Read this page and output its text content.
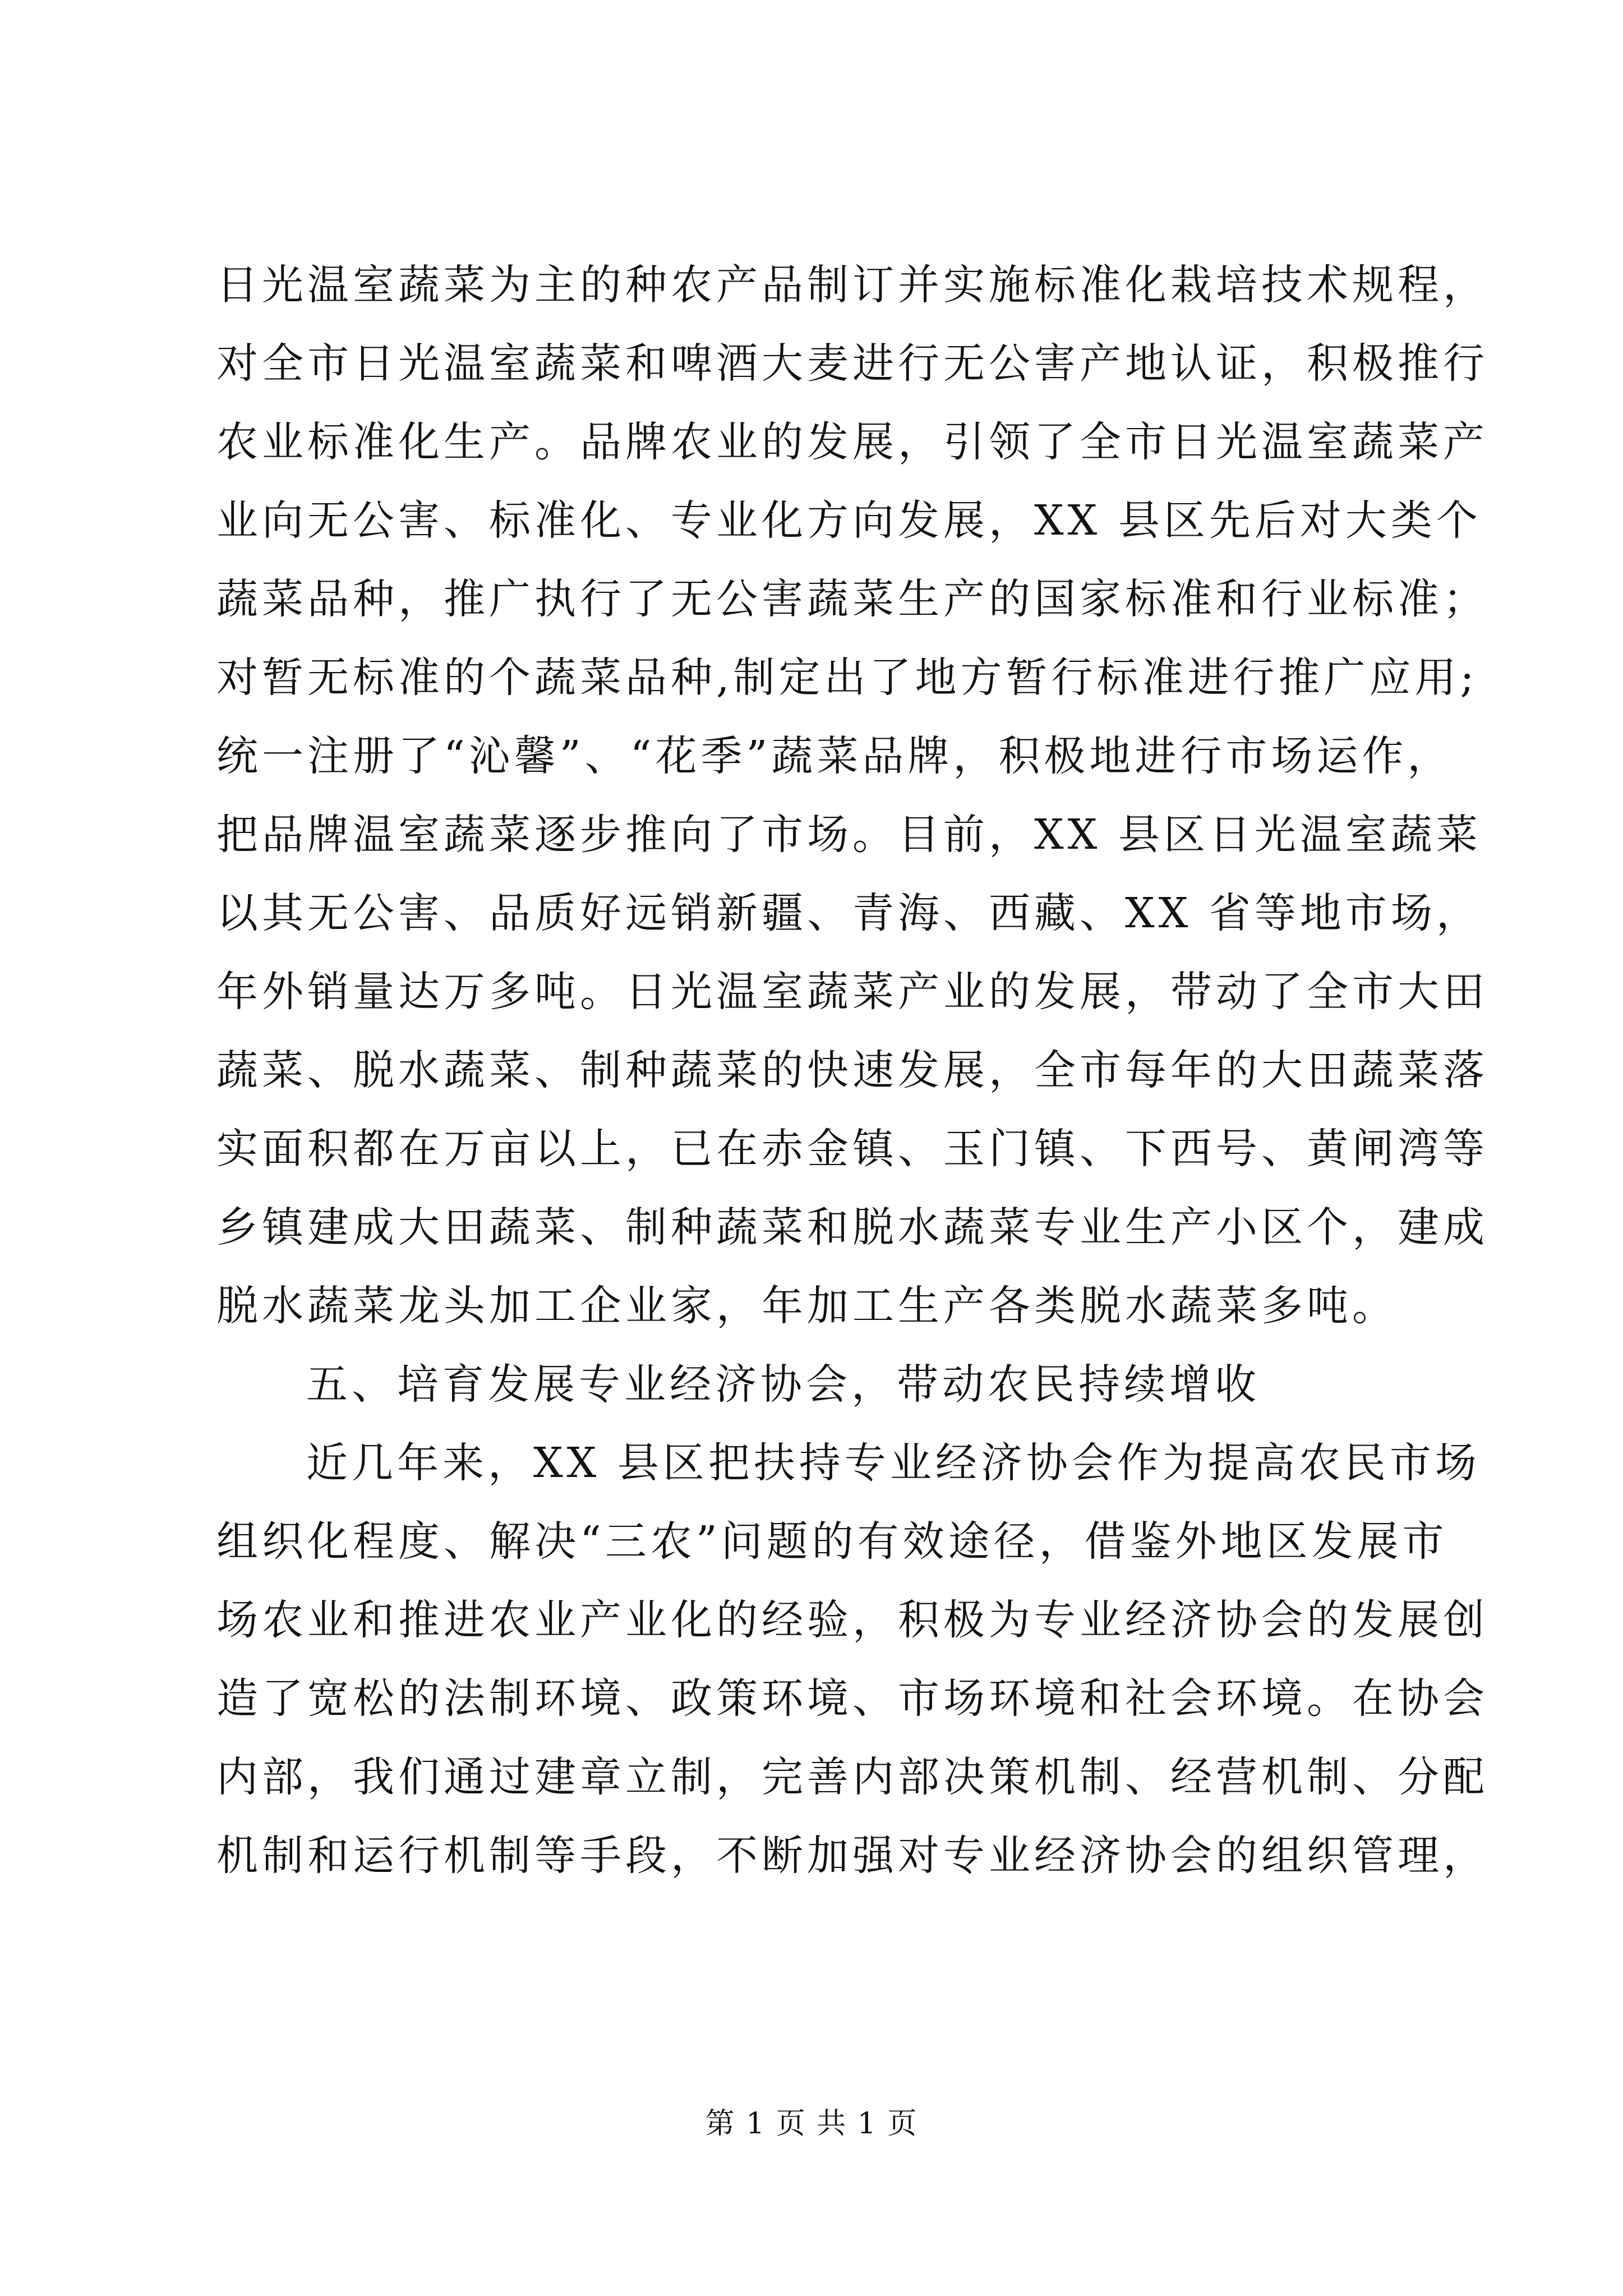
日光温室蔬菜为主的种农产品制订并实施标准化栽培技术规程，
对全市日光温室蔬菜和啤酒大麦进行无公害产地认证，积极推行
农业标准化生产。品牌农业的发展，引领了全市日光温室蔬菜产
业向无公害、标准化、专业化方向发展，XX 县区先后对大类个
蔬菜品种，推广执行了无公害蔬菜生产的国家标准和行业标准；
对暂无标准的个蔬菜品种,制定出了地方暂行标准进行推广应用;
统一注册了“沁馨”、“花季”蔬菜品牌，积极地进行市场运作，
把品牌温室蔬菜逐步推向了市场。目前，XX 县区日光温室蔬菜
以其无公害、品质好远销新疆、青海、西藏、XX 省等地市场，
年外销量达万多吨。日光温室蔬菜产业的发展，带动了全市大田
蔬菜、脱水蔬菜、制种蔬菜的快速发展，全市每年的大田蔬菜落
实面积都在万亩以上，已在赤金镇、玉门镇、下西号、黄闸湾等
乡镇建成大田蔬菜、制种蔬菜和脱水蔬菜专业生产小区个，建成
脱水蔬菜龙头加工企业家，年加工生产各类脱水蔬菜多吨。
五、培育发展专业经济协会，带动农民持续增收
近几年来，XX 县区把扶持专业经济协会作为提高农民市场
组织化程度、解决“三农”问题的有效途径，借鉴外地区发展市
场农业和推进农业产业化的经验，积极为专业经济协会的发展创
造了宽松的法制环境、政策环境、市场环境和社会环境。在协会
内部，我们通过建章立制，完善内部决策机制、经营机制、分配
机制和运行机制等手段，不断加强对专业经济协会的组织管理，
第 1 页 共 1 页
